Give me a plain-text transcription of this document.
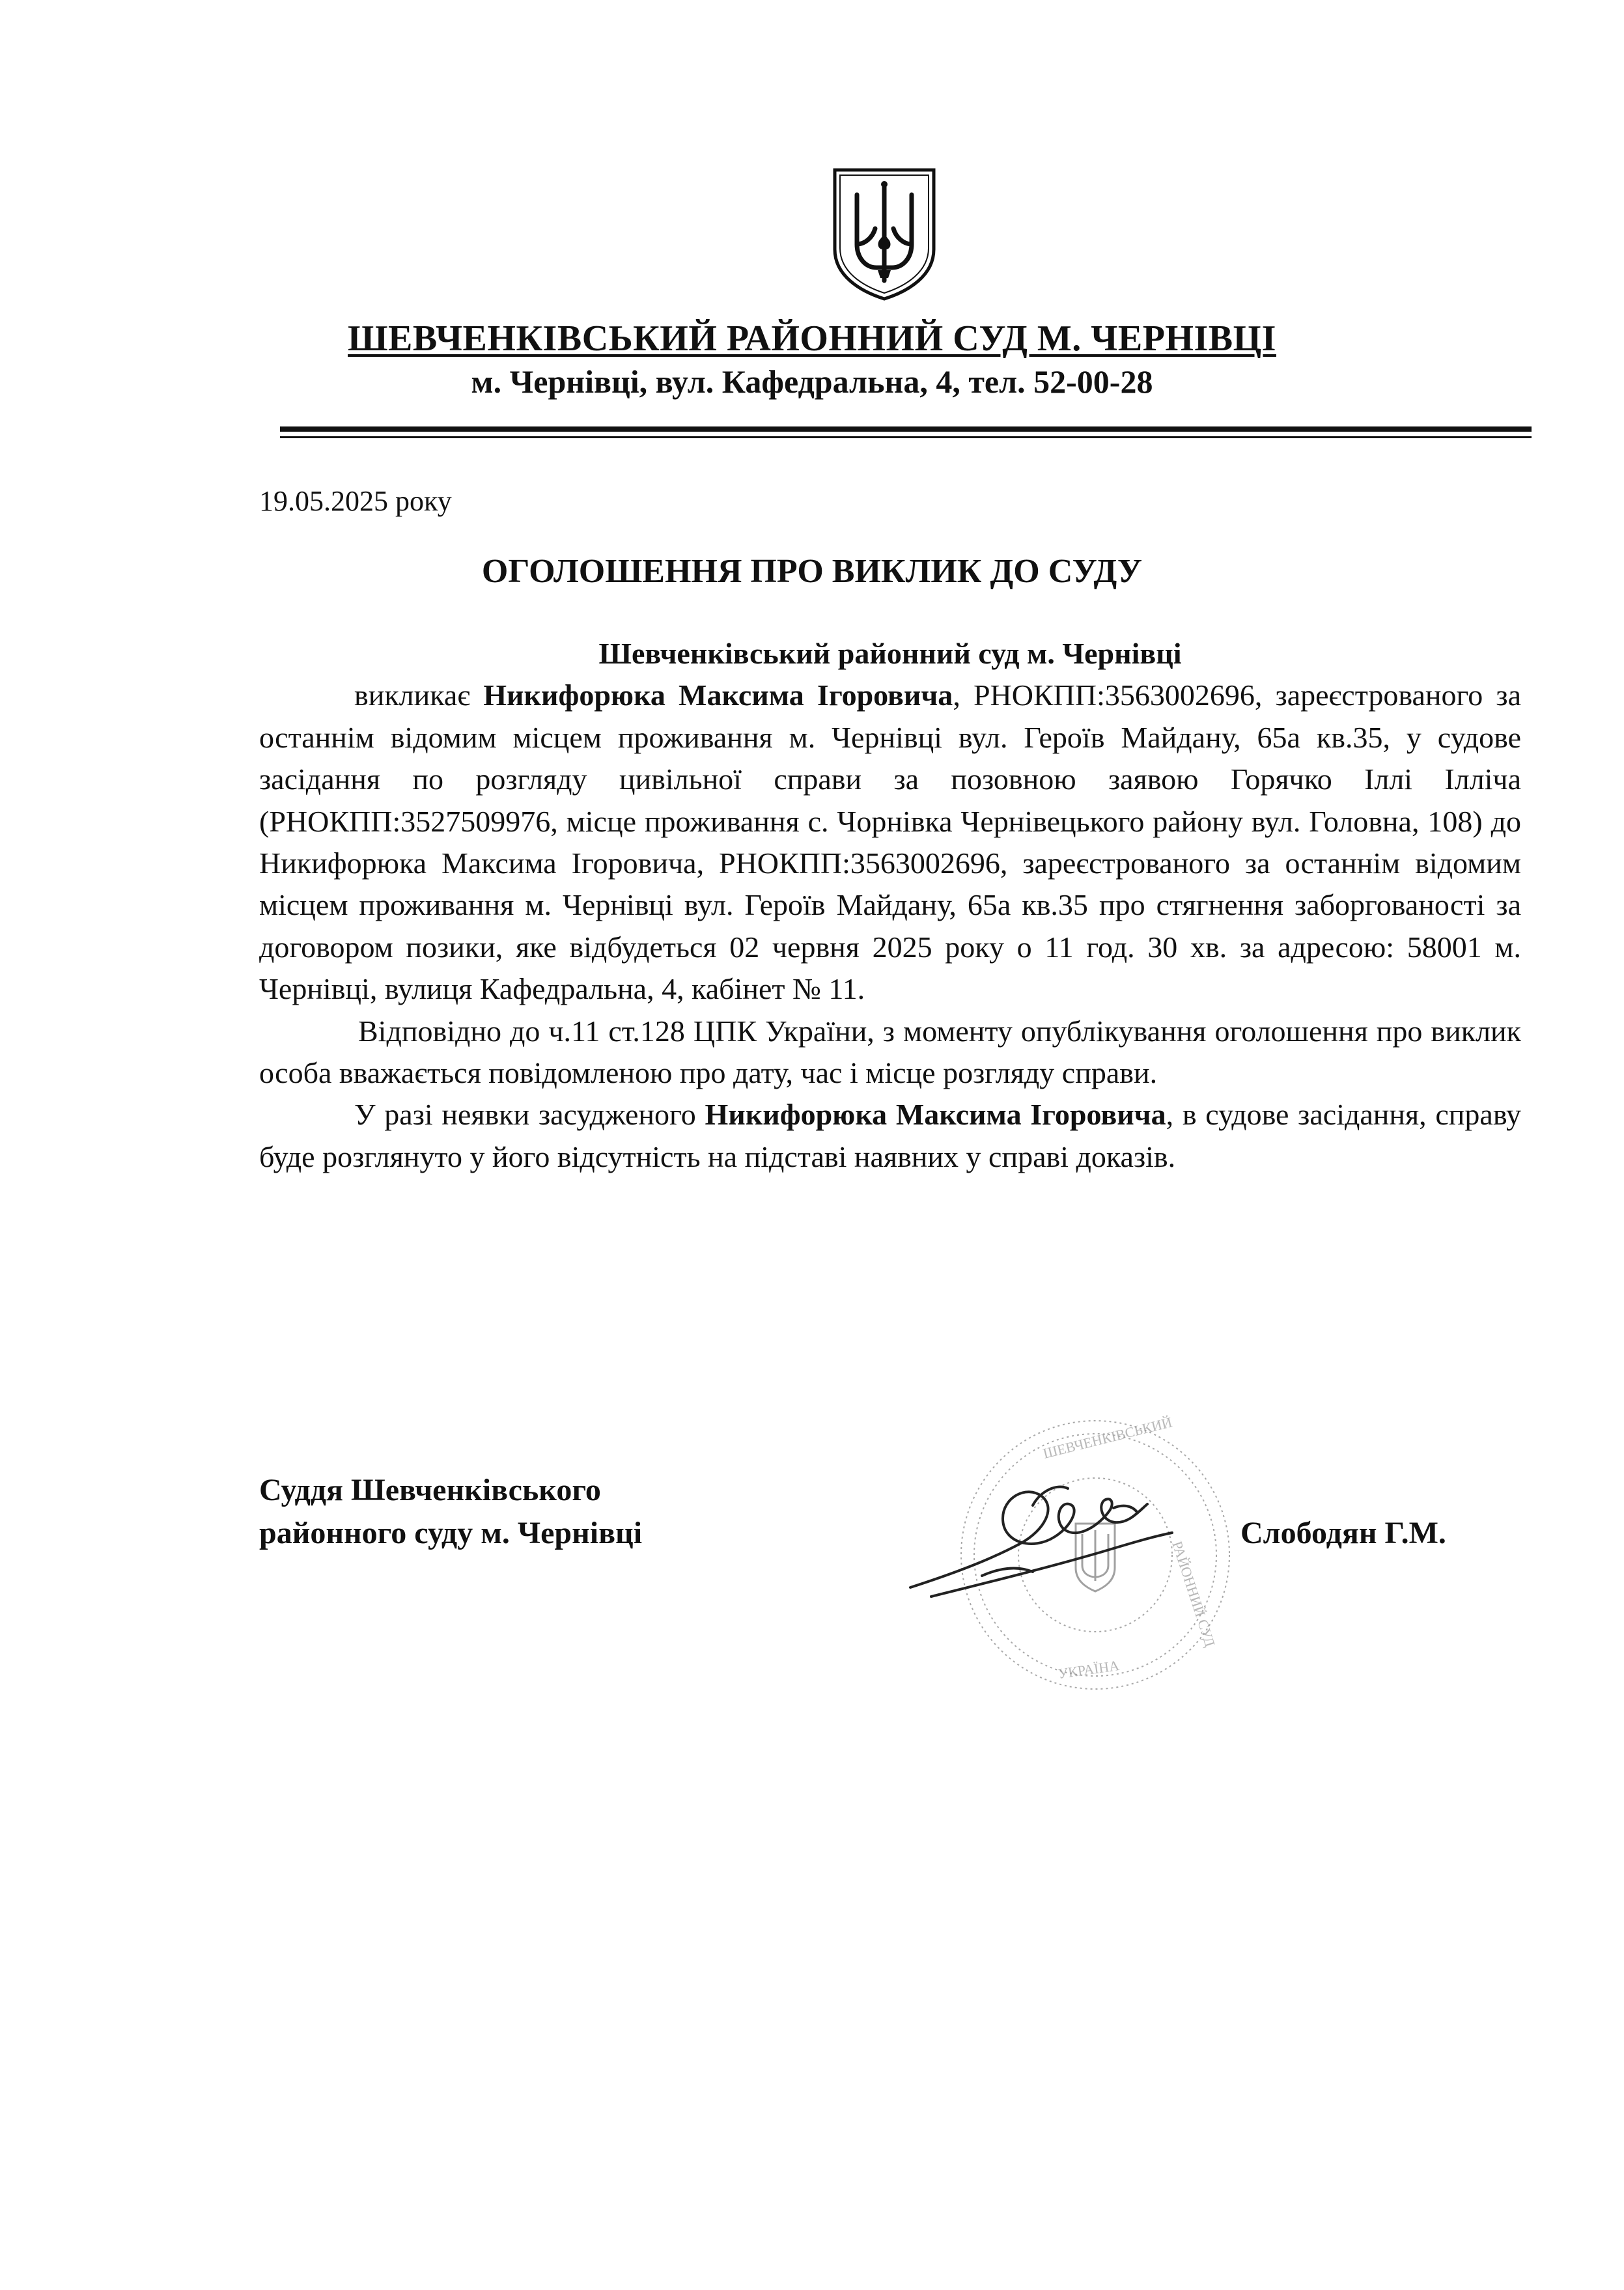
ШЕВЧЕНКІВСЬКИЙ РАЙОННИЙ СУД М. ЧЕРНІВЦІ
м. Чернівці, вул. Кафедральна, 4, тел. 52-00-28
19.05.2025 року
ОГОЛОШЕННЯ ПРО ВИКЛИК ДО СУДУ

Шевченківський районний суд м. Чернівці

викликає Никифорюка Максима Ігоровича, РНОКПП:3563002696, зареєстрованого за останнім відомим місцем проживання м. Чернівці вул. Героїв Майдану, 65а кв.35, у судове засідання по розгляду цивільної справи за позовною заявою Горячко Іллі Ілліча (РНОКПП:3527509976, місце проживання с. Чорнівка Чернівецького району вул. Головна, 108) до Никифорюка Максима Ігоровича, РНОКПП:3563002696, зареєстрованого за останнім відомим місцем проживання м. Чернівці вул. Героїв Майдану, 65а кв.35 про стягнення заборгованості за договором позики, яке відбудеться 02 червня 2025 року о 11 год. 30 хв. за адресою: 58001 м. Чернівці, вулиця Кафедральна, 4, кабінет № 11.

Відповідно до ч.11 ст.128 ЦПК України, з моменту опублікування оголошення про виклик особа вважається повідомленою про дату, час і місце розгляду справи.

У разі неявки засудженого Никифорюка Максима Ігоровича, в судове засідання, справу буде розглянуто у його відсутність на підставі наявних у справі доказів.

ШЕВЧЕНКІВСЬКИЙ
РАЙОННИЙ СУД
УКРАЇНА
Суддя Шевченківського
районного суду м. Чернівці	Слободян Г.М.
